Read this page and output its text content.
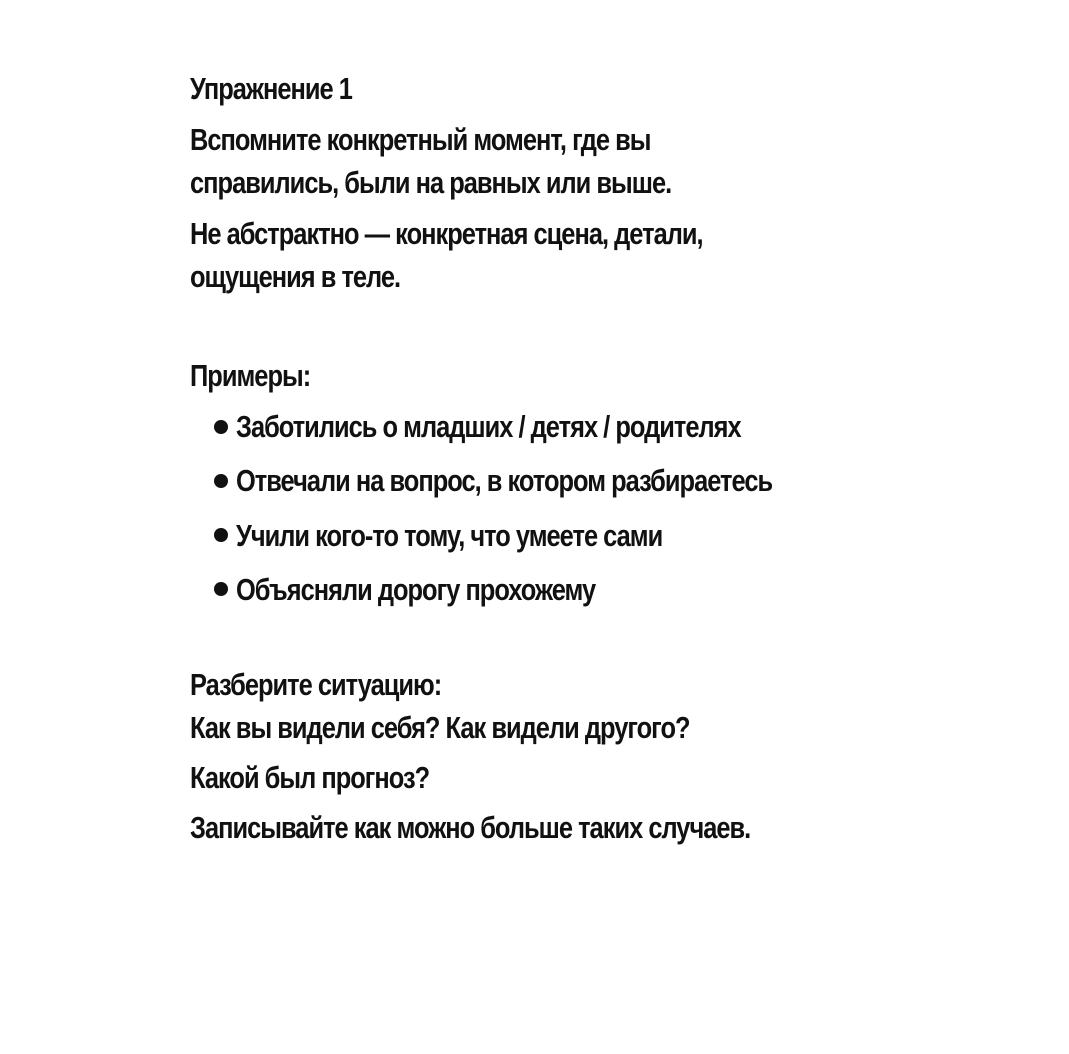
Упражнение 1

Вспомните конкретный момент, где вы

справились, были на равных или выше.

Не абстрактно — конкретная сцена, детали,

ощущения в теле.

Примеры:

Заботились о младших / детях / родителях
Отвечали на вопрос, в котором разбираетесь
Учили кого-то тому, что умеете сами
Объясняли дорогу прохожему

Разберите ситуацию:

Как вы видели себя? Как видели другого?

Какой был прогноз?

Записывайте как можно больше таких случаев.
